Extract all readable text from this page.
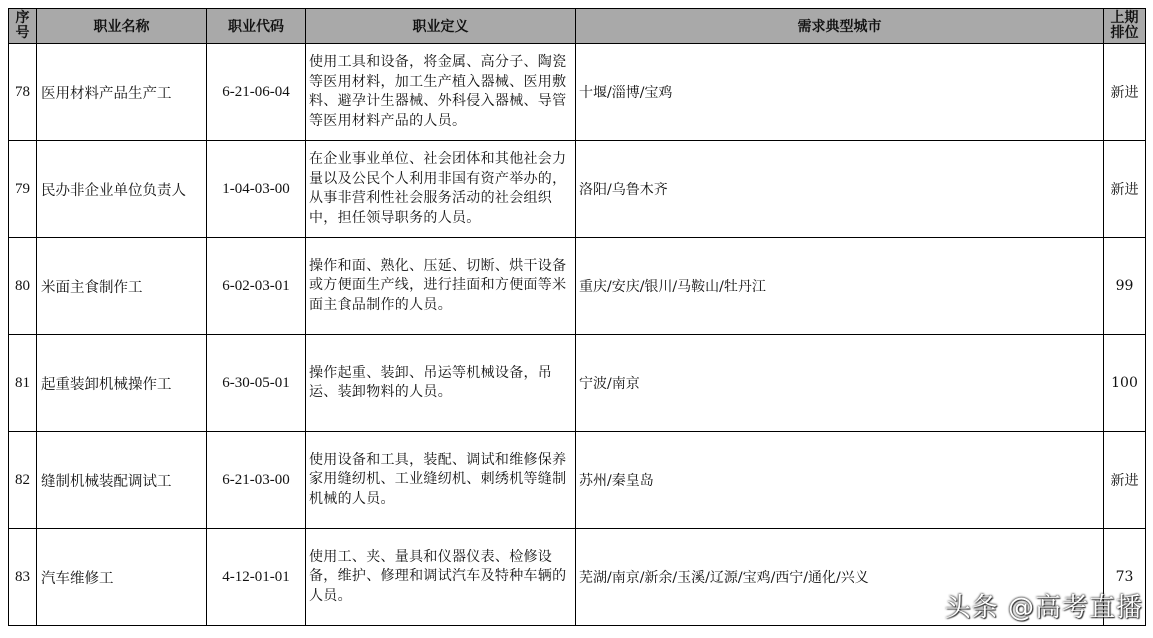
序号	职业名称	职业代码	职业定义	需求典型城市	上期排位
78	医用材料产品生产工	6-21-06-04	使用工具和设备，将金属、高分子、陶瓷等医用材料，加工生产植入器械、医用敷料、避孕计生器械、外科侵入器械、导管等医用材料产品的人员。	十堰/淄博/宝鸡	新进
79	民办非企业单位负责人	1-04-03-00	在企业事业单位、社会团体和其他社会力量以及公民个人利用非国有资产举办的，从事非营利性社会服务活动的社会组织中，担任领导职务的人员。	洛阳/乌鲁木齐	新进
80	米面主食制作工	6-02-03-01	操作和面、熟化、压延、切断、烘干设备或方便面生产线，进行挂面和方便面等米面主食品制作的人员。	重庆/安庆/银川/马鞍山/牡丹江	99
81	起重装卸机械操作工	6-30-05-01	操作起重、装卸、吊运等机械设备，吊运、装卸物料的人员。	宁波/南京	100
82	缝制机械装配调试工	6-21-03-00	使用设备和工具，装配、调试和维修保养家用缝纫机、工业缝纫机、刺绣机等缝制机械的人员。	苏州/秦皇岛	新进
83	汽车维修工	4-12-01-01	使用工、夹、量具和仪器仪表、检修设备，维护、修理和调试汽车及特种车辆的人员。	芜湖/南京/新余/玉溪/辽源/宝鸡/西宁/通化/兴义	73
头条 @高考直播
